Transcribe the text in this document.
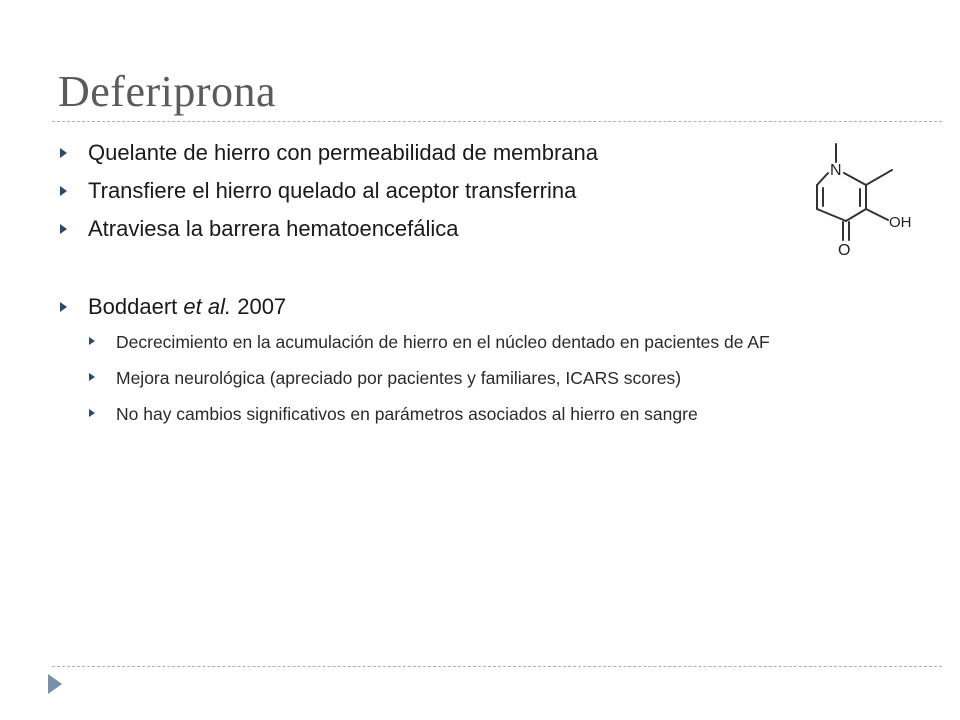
Deferiprona
Quelante de hierro con permeabilidad de membrana
Transfiere el hierro quelado al aceptor transferrina
Atraviesa la barrera hematoencefálica
Boddaert et al. 2007
Decrecimiento en la acumulación de hierro en el núcleo dentado en pacientes de AF
Mejora neurológica (apreciado por pacientes y familiares, ICARS scores)
No hay cambios significativos en parámetros asociados al hierro en sangre
N
OH
O
